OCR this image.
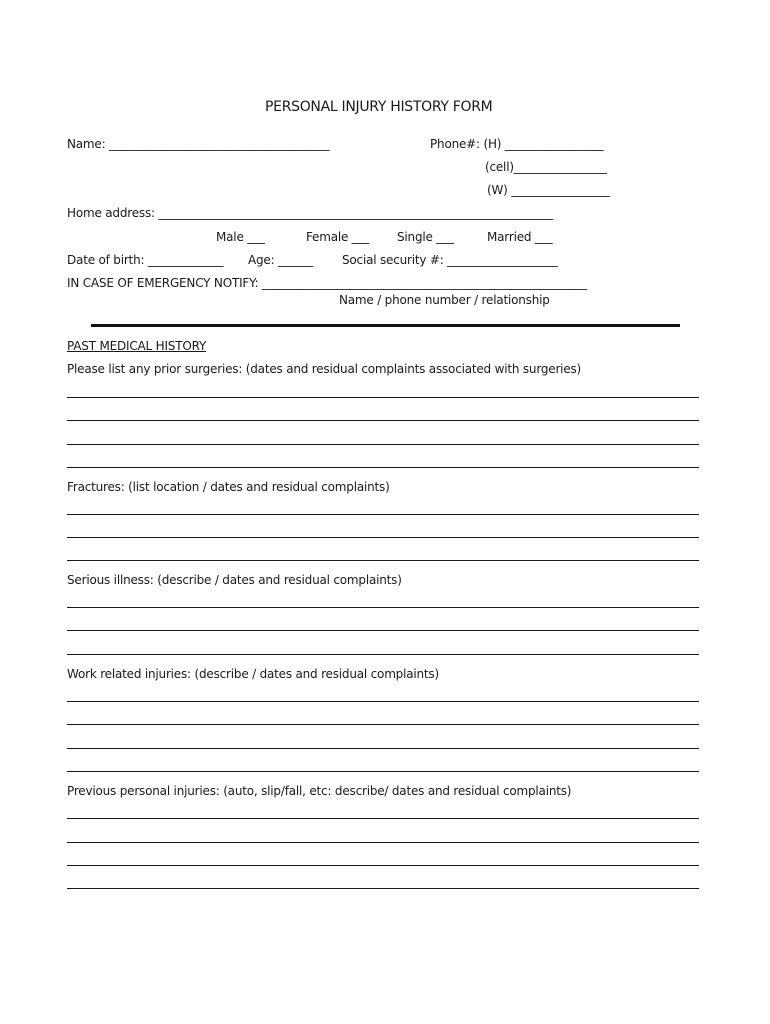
PERSONAL INJURY HISTORY FORM
Name: ______________________________________	Phone#: (H) _________________
(cell)________________
(W) _________________
Home address: ____________________________________________________________________
Male ___	Female ___ Single ___	Married ___
Date of birth: _____________ Age: ______ Social security #: ___________________
IN CASE OF EMERGENCY NOTIFY: ________________________________________________________
Name / phone number / relationship
PAST MEDICAL HISTORY
Please list any prior surgeries: (dates and residual complaints associated with surgeries)
Fractures: (list location / dates and residual complaints)
Serious illness: (describe / dates and residual complaints)
Work related injuries: (describe / dates and residual complaints)
Previous personal injuries: (auto, slip/fall, etc: describe/ dates and residual complaints)
